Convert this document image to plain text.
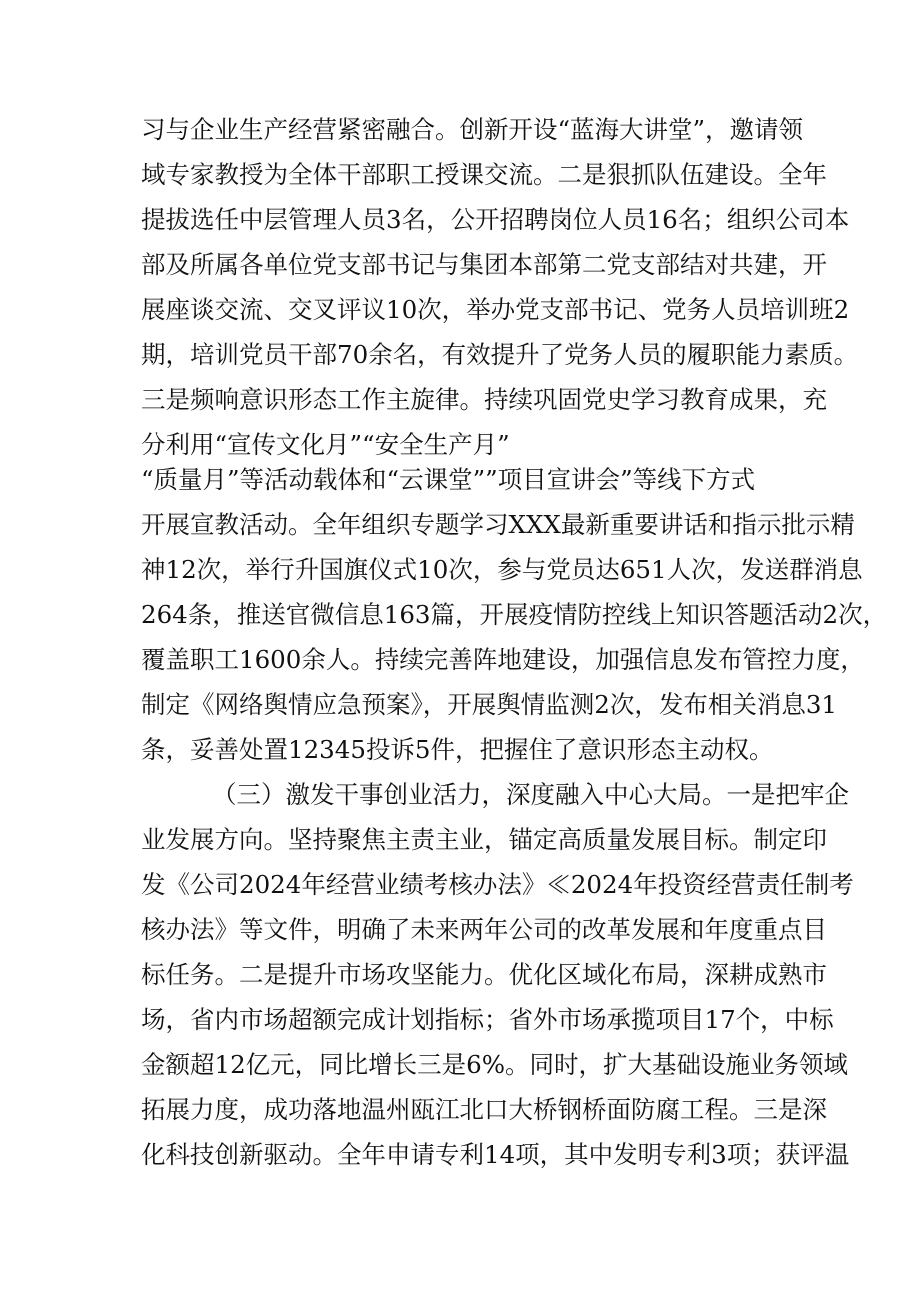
习与企业生产经营紧密融合。创新开设“蓝海大讲堂”，邀请领
域专家教授为全体干部职工授课交流。二是狠抓队伍建设。全年
提拔选任中层管理人员3名，公开招聘岗位人员16名；组织公司本
部及所属各单位党支部书记与集团本部第二党支部结对共建，开
展座谈交流、交叉评议10次，举办党支部书记、党务人员培训班2
期，培训党员干部70余名，有效提升了党务人员的履职能力素质。
三是频响意识形态工作主旋律。持续巩固党史学习教育成果，充
分利用“宣传文化月”“安全生产月”
“质量月”等活动载体和“云课堂””项目宣讲会”等线下方式
开展宣教活动。全年组织专题学习XXX最新重要讲话和指示批示精
神12次，举行升国旗仪式10次，参与党员达651人次，发送群消息
264条，推送官微信息163篇，开展疫情防控线上知识答题活动2次，
覆盖职工1600余人。持续完善阵地建设，加强信息发布管控力度，
制定《网络舆情应急预案》，开展舆情监测2次，发布相关消息31
条，妥善处置12345投诉5件，把握住了意识形态主动权。
（三）激发干事创业活力，深度融入中心大局。一是把牢企
业发展方向。坚持聚焦主责主业，锚定高质量发展目标。制定印
发《公司2024年经营业绩考核办法》≪2024年投资经营责任制考
核办法》等文件，明确了未来两年公司的改革发展和年度重点目
标任务。二是提升市场攻坚能力。优化区域化布局，深耕成熟市
场，省内市场超额完成计划指标；省外市场承揽项目17个，中标
金额超12亿元，同比增长三是6%。同时，扩大基础设施业务领域
拓展力度，成功落地温州瓯江北口大桥钢桥面防腐工程。三是深
化科技创新驱动。全年申请专利14项，其中发明专利3项；获评温
